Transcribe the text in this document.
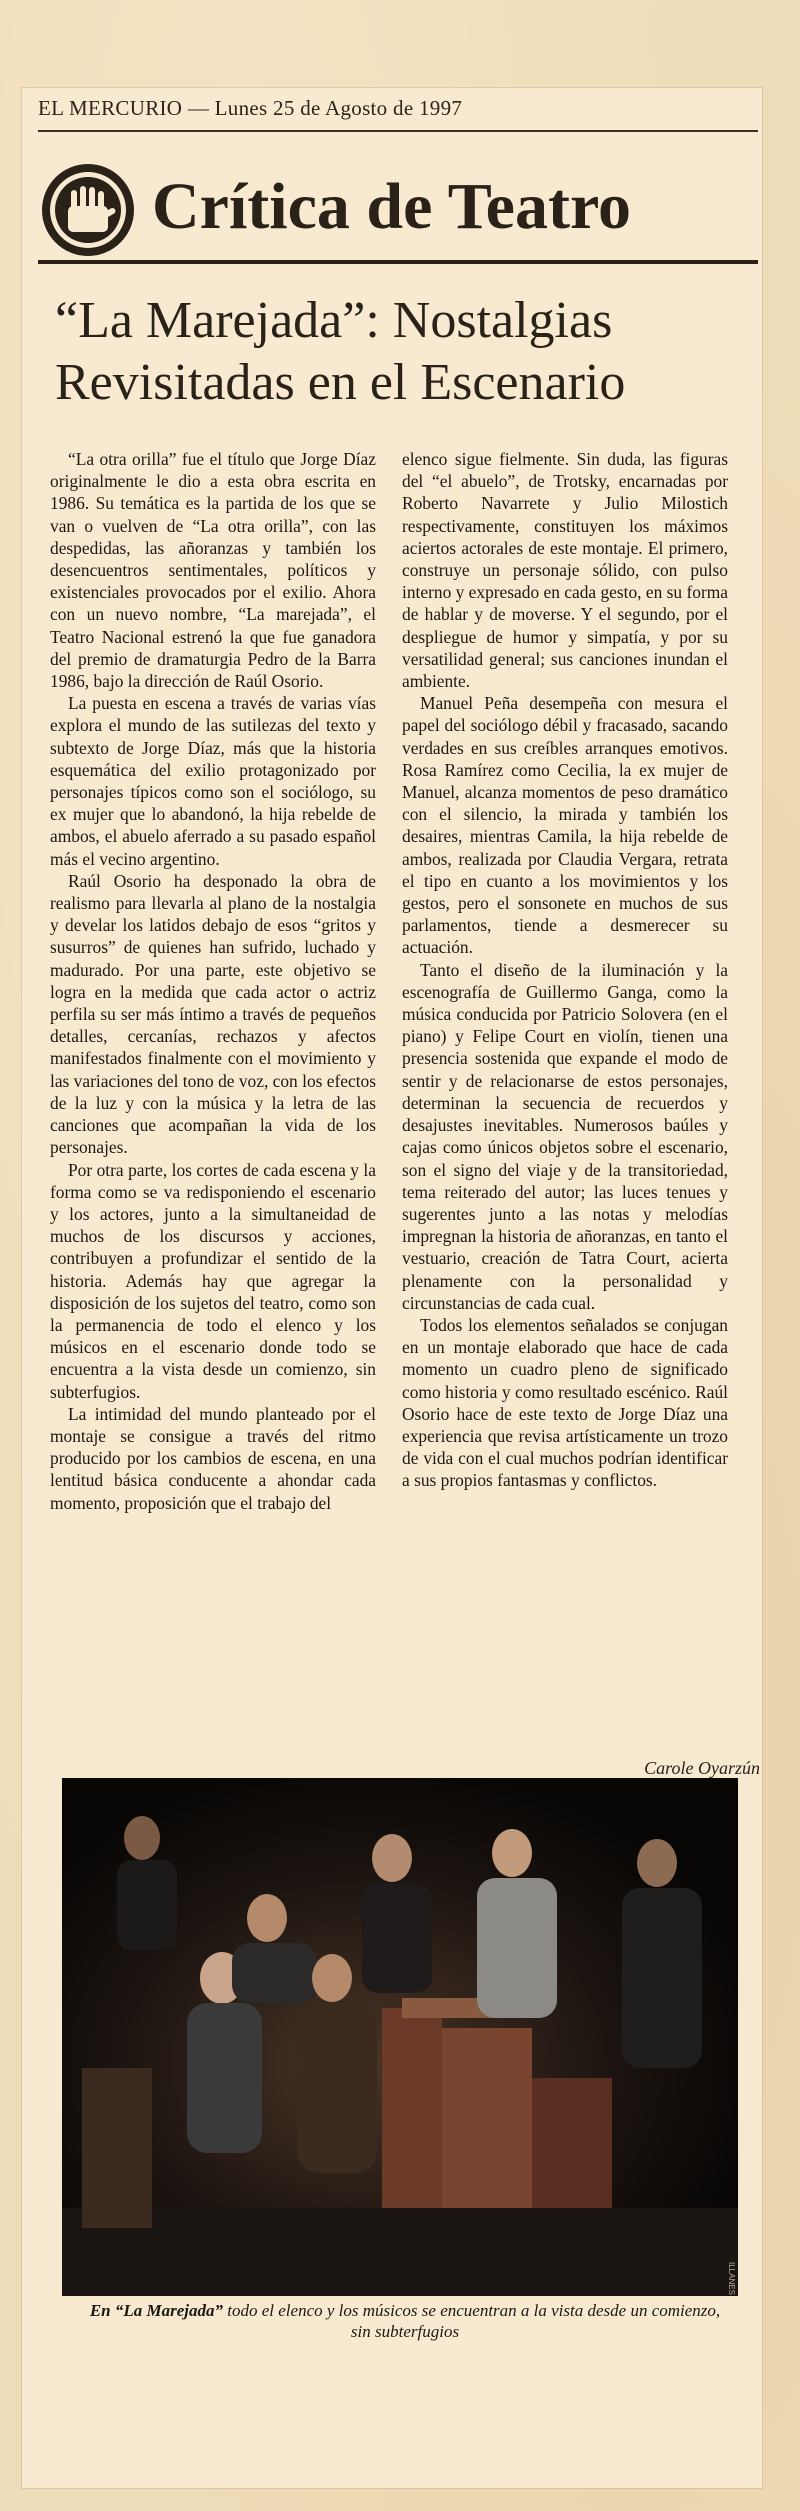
EL MERCURIO — Lunes 25 de Agosto de 1997
Crítica de Teatro
“La Marejada”: Nostalgias Revisitadas en el Escenario

“La otra orilla” fue el título que Jorge Díaz originalmente le dio a esta obra escrita en 1986. Su temática es la partida de los que se van o vuelven de “La otra orilla”, con las despedidas, las añoranzas y también los desencuentros sentimentales, políticos y existenciales provocados por el exilio. Ahora con un nuevo nombre, “La marejada”, el Teatro Nacional estrenó la que fue ganadora del premio de dramaturgia Pedro de la Barra 1986, bajo la dirección de Raúl Osorio.

La puesta en escena a través de varias vías explora el mundo de las sutilezas del texto y subtexto de Jorge Díaz, más que la historia esquemática del exilio protagonizado por personajes típicos como son el sociólogo, su ex mujer que lo abandonó, la hija rebelde de ambos, el abuelo aferrado a su pasado español más el vecino argentino.

Raúl Osorio ha desponado la obra de realismo para llevarla al plano de la nostalgia y develar los latidos debajo de esos “gritos y susurros” de quienes han sufrido, luchado y madurado. Por una parte, este objetivo se logra en la medida que cada actor o actriz perfila su ser más íntimo a través de pequeños detalles, cercanías, rechazos y afectos manifestados finalmente con el movimiento y las variaciones del tono de voz, con los efectos de la luz y con la música y la letra de las canciones que acompañan la vida de los personajes.

Por otra parte, los cortes de cada escena y la forma como se va redisponiendo el escenario y los actores, junto a la simultaneidad de muchos de los discursos y acciones, contribuyen a profundizar el sentido de la historia. Además hay que agregar la disposición de los sujetos del teatro, como son la permanencia de todo el elenco y los músicos en el escenario donde todo se encuentra a la vista desde un comienzo, sin subterfugios.

La intimidad del mundo planteado por el montaje se consigue a través del ritmo producido por los cambios de escena, en una lentitud básica conducente a ahondar cada momento, proposición que el trabajo del

elenco sigue fielmente. Sin duda, las figuras del “el abuelo”, de Trotsky, encarnadas por Roberto Navarrete y Julio Milostich respectivamente, constituyen los máximos aciertos actorales de este montaje. El primero, construye un personaje sólido, con pulso interno y expresado en cada gesto, en su forma de hablar y de moverse. Y el segundo, por el despliegue de humor y simpatía, y por su versatilidad general; sus canciones inundan el ambiente.

Manuel Peña desempeña con mesura el papel del sociólogo débil y fracasado, sacando verdades en sus creíbles arranques emotivos. Rosa Ramírez como Cecilia, la ex mujer de Manuel, alcanza momentos de peso dramático con el silencio, la mirada y también los desaires, mientras Camila, la hija rebelde de ambos, realizada por Claudia Vergara, retrata el tipo en cuanto a los movimientos y los gestos, pero el sonsonete en muchos de sus parlamentos, tiende a desmerecer su actuación.

Tanto el diseño de la iluminación y la escenografía de Guillermo Ganga, como la música conducida por Patricio Solovera (en el piano) y Felipe Court en violín, tienen una presencia sostenida que expande el modo de sentir y de relacionarse de estos personajes, determinan la secuencia de recuerdos y desajustes inevitables. Numerosos baúles y cajas como únicos objetos sobre el escenario, son el signo del viaje y de la transitoriedad, tema reiterado del autor; las luces tenues y sugerentes junto a las notas y melodías impregnan la historia de añoranzas, en tanto el vestuario, creación de Tatra Court, acierta plenamente con la personalidad y circunstancias de cada cual.

Todos los elementos señalados se conjugan en un montaje elaborado que hace de cada momento un cuadro pleno de significado como historia y como resultado escénico. Raúl Osorio hace de este texto de Jorge Díaz una experiencia que revisa artísticamente un trozo de vida con el cual muchos podrían identificar a sus propios fantasmas y conflictos.

Carole Oyarzún
ILLANES
En “La Marejada” todo el elenco y los músicos se encuentran a la vista desde un comienzo, sin subterfugios
